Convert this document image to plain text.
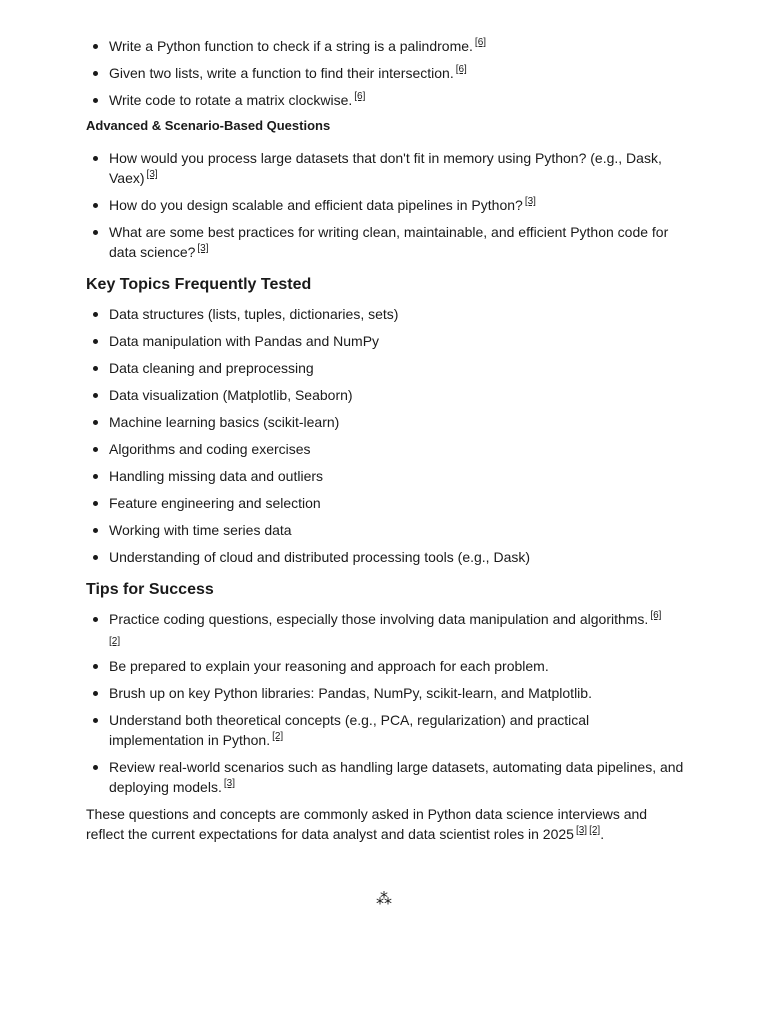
Write a Python function to check if a string is a palindrome. [6]
Given two lists, write a function to find their intersection. [6]
Write code to rotate a matrix clockwise. [6]
Advanced & Scenario-Based Questions
How would you process large datasets that don't fit in memory using Python? (e.g., Dask, Vaex) [3]
How do you design scalable and efficient data pipelines in Python? [3]
What are some best practices for writing clean, maintainable, and efficient Python code for data science? [3]
Key Topics Frequently Tested
Data structures (lists, tuples, dictionaries, sets)
Data manipulation with Pandas and NumPy
Data cleaning and preprocessing
Data visualization (Matplotlib, Seaborn)
Machine learning basics (scikit-learn)
Algorithms and coding exercises
Handling missing data and outliers
Feature engineering and selection
Working with time series data
Understanding of cloud and distributed processing tools (e.g., Dask)
Tips for Success
Practice coding questions, especially those involving data manipulation and algorithms. [6]
[2]
Be prepared to explain your reasoning and approach for each problem.
Brush up on key Python libraries: Pandas, NumPy, scikit-learn, and Matplotlib.
Understand both theoretical concepts (e.g., PCA, regularization) and practical implementation in Python. [2]
Review real-world scenarios such as handling large datasets, automating data pipelines, and deploying models. [3]

These questions and concepts are commonly asked in Python data science interviews and reflect the current expectations for data analyst and data scientist roles in 2025 [3] [2].

⁂
